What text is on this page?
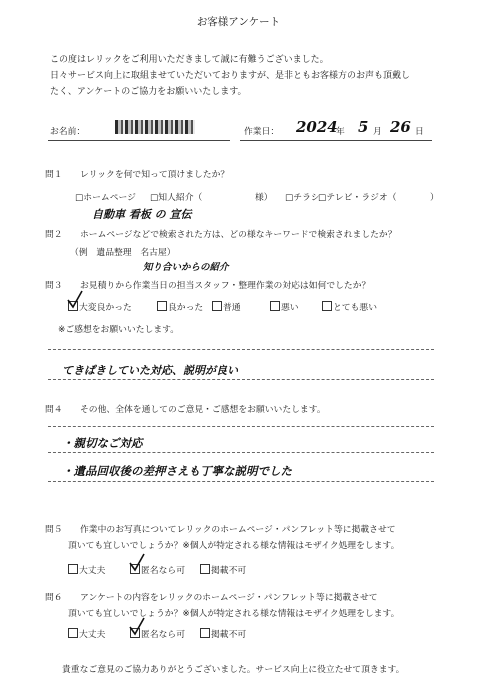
お客様アンケート
この度はレリックをご利用いただきまして誠に有難うございました。
日々サービス向上に取組ませていただいておりますが、是非ともお客様方のお声も頂戴し
たく、アンケートのご協力をお願いいたします。
お名前：	作業日： 2024
年 5 月 26 日
問１ レリックを何で知って頂けましたか？
□ホームページ □知人紹介（	様） □チラシ
□テレビ・ラジオ（	）
自動車 看板 の 宣伝
問２ ホームページなどで検索された方は、どの様なキーワードで検索されましたか？
（例　遺品整理　名古屋）
知り合いからの紹介
問３ お見積りから作業当日の担当スタッフ・整理作業の対応は如何でしたか？
大変良かった	良かった	普通	悪い	とても悪い
※ご感想をお願いいたします。
てきぱきしていた対応、説明が良い
問４ その他、全体を通してのご意見・ご感想をお願いいたします。
・親切なご対応
・遺品回収後の差押さえも丁寧な説明でした
問５ 作業中のお写真についてレリックのホームページ・パンフレット等に掲載させて
頂いても宜しいでしょうか？※個人が特定される様な情報はモザイク処理をします。
大丈夫	匿名なら可	掲載不可
問６ アンケートの内容をレリックのホームページ・パンフレット等に掲載させて
頂いても宜しいでしょうか？※個人が特定される様な情報はモザイク処理をします。
大丈夫	匿名なら可	掲載不可
貴重なご意見のご協力ありがとうございました。サービス向上に役立たせて頂きます。
